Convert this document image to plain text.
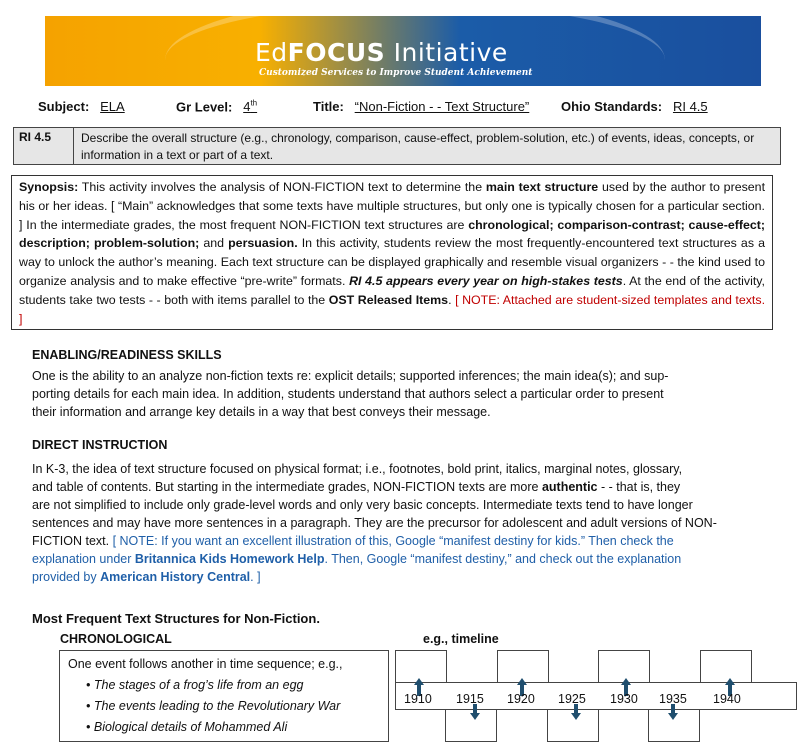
EdFOCUS Initiative
Customized Services to Improve Student Achievement
Subject: ELA	Gr Level: 4th	Title: “Non-Fiction - - Text Structure” Ohio Standards: RI 4.5
RI 4.5	Describe the overall structure (e.g., chronology, comparison, cause-effect, problem-solution, etc.) of events, ideas, concepts, or information in a text or part of a text.
Synopsis: This activity involves the analysis of NON-FICTION text to determine the main text structure used by the author to present his or her ideas. [ “Main” acknowledges that some texts have multiple structures, but only one is typically chosen for a particular section. ] In the intermediate grades, the most frequent NON-FICTION text structures are chronological; comparison-contrast; cause-effect; description; problem-solution; and persuasion. In this activity, students review the most frequently-encountered text structures as a way to unlock the author’s meaning. Each text structure can be displayed graphically and resemble visual organizers - - the kind used to organize analysis and to make effective “pre-write” formats. RI 4.5 appears every year on high-stakes tests. At the end of the activity, students take two tests - - both with items parallel to the OST Released Items. [ NOTE: Attached are student-sized templates and texts. ]
ENABLING/READINESS SKILLS
One is the ability to an analyze non-fiction texts re: explicit details; supported inferences; the main idea(s); and sup-
porting details for each main idea. In addition, students understand that authors select a particular order to present
their information and arrange key details in a way that best conveys their message.
DIRECT INSTRUCTION
In K-3, the idea of text structure focused on physical format; i.e., footnotes, bold print, italics, marginal notes, glossary,
and table of contents. But starting in the intermediate grades, NON-FICTION texts are more authentic - - that is, they
are not simplified to include only grade-level words and only very basic concepts. Intermediate texts tend to have longer
sentences and may have more sentences in a paragraph. They are the precursor for adolescent and adult versions of NON-
FICTION text. [ NOTE: If you want an excellent illustration of this, Google “manifest destiny for kids.” Then check the
explanation under Britannica Kids Homework Help. Then, Google “manifest destiny,” and check out the explanation
provided by American History Central. ]
Most Frequent Text Structures for Non-Fiction.
CHRONOLOGICAL	e.g., timeline
One event follows another in time sequence; e.g.,
• The stages of a frog’s life from an egg
• The events leading to the Revolutionary War
• Biological details of Mohammed Ali
1910 1915 1920 1925 1930 1935 1940
